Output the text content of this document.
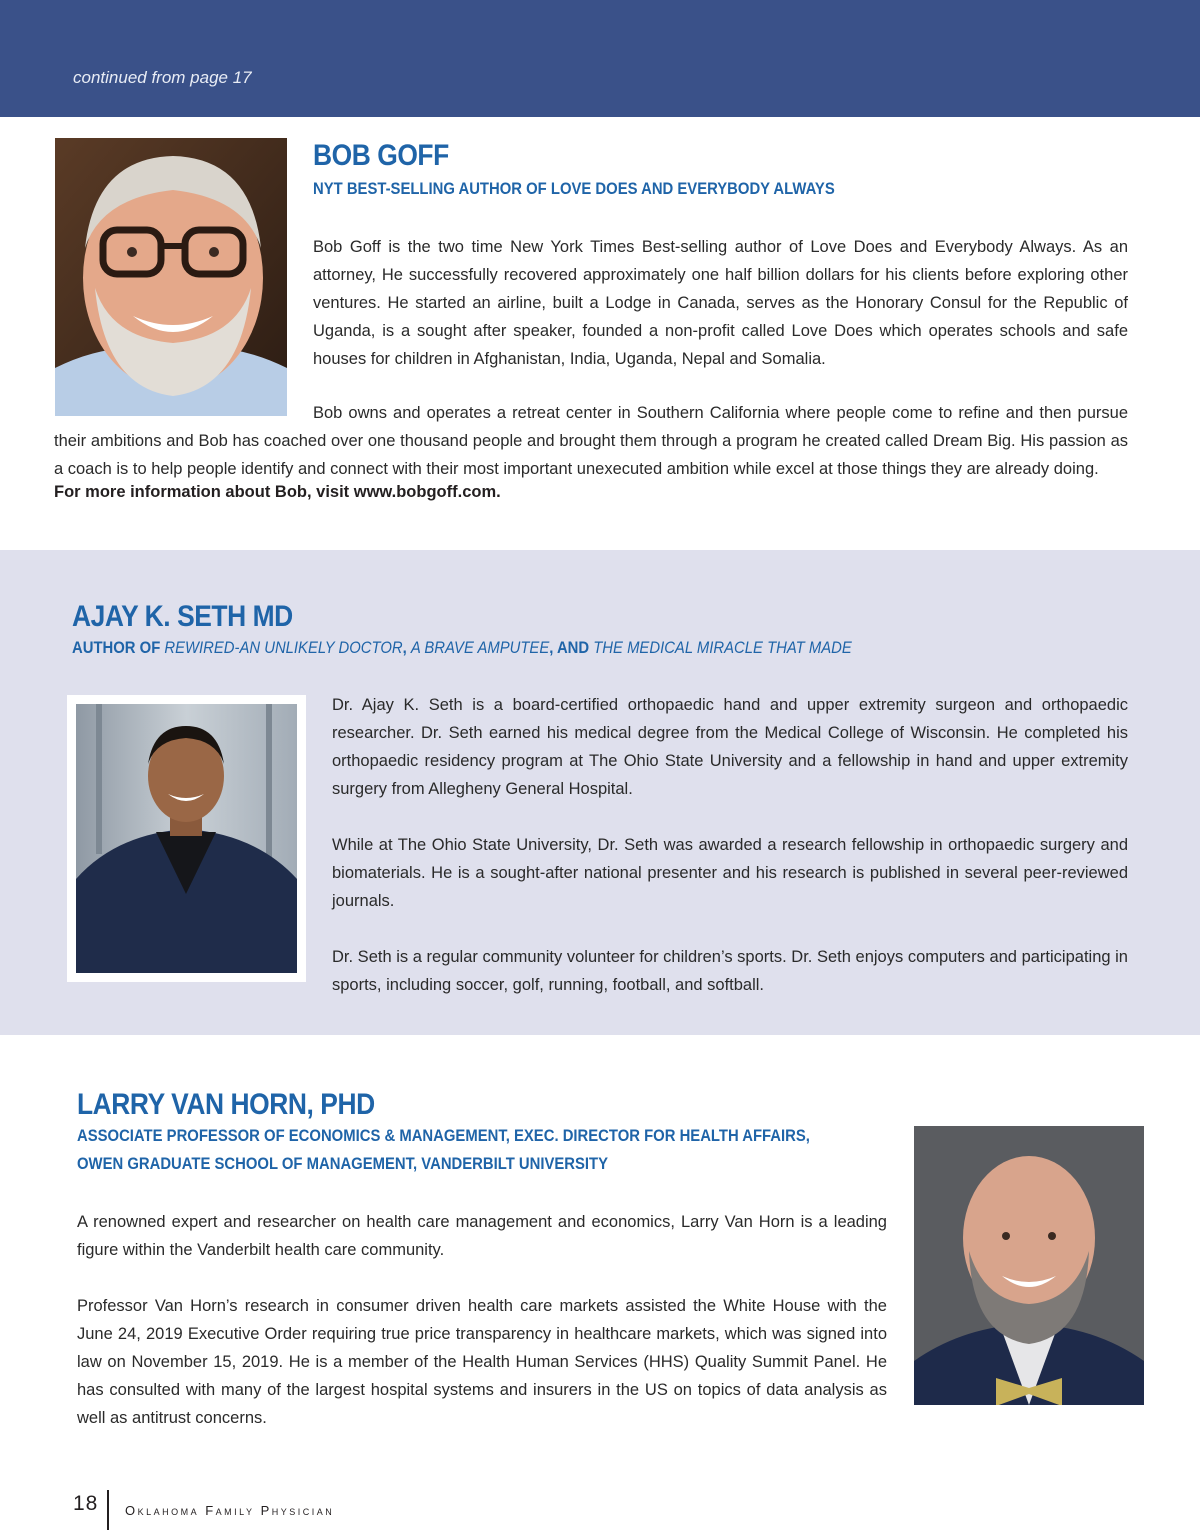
continued from page 17
BOB GOFF
NYT BEST-SELLING AUTHOR OF LOVE DOES AND EVERYBODY ALWAYS

Bob Goff is the two time New York Times Best-selling author of Love Does and Everybody Always. As an attorney, He successfully recovered approximately one half billion dollars for his clients before exploring other ventures. He started an airline, built a Lodge in Canada, serves as the Honorary Consul for the Republic of Uganda, is a sought after speaker, founded a non-profit called Love Does which operates schools and safe houses for children in Afghanistan, India, Uganda, Nepal and Somalia.

Bob owns and operates a retreat center in Southern California where people come to refine and then pursue their ambitions and Bob has coached over one thousand people and brought them through a program he created called Dream Big. His passion as a coach is to help people identify and connect with their most important unexecuted ambition while excel at those things they are already doing.
For more information about Bob, visit www.bobgoff.com.
AJAY K. SETH MD
AUTHOR OF REWIRED-AN UNLIKELY DOCTOR, A BRAVE AMPUTEE, AND THE MEDICAL MIRACLE THAT MADE

Dr. Ajay K. Seth is a board-certified orthopaedic hand and upper extremity surgeon and orthopaedic researcher. Dr. Seth earned his medical degree from the Medical College of Wisconsin. He completed his orthopaedic residency program at The Ohio State University and a fellowship in hand and upper extremity surgery from Allegheny General Hospital.

While at The Ohio State University, Dr. Seth was awarded a research fellowship in orthopaedic surgery and biomaterials. He is a sought-after national presenter and his research is published in several peer-reviewed journals.

Dr. Seth is a regular community volunteer for children’s sports. Dr. Seth enjoys computers and participating in sports, including soccer, golf, running, football, and softball.

LARRY VAN HORN, PHD
ASSOCIATE PROFESSOR OF ECONOMICS & MANAGEMENT, EXEC. DIRECTOR FOR HEALTH AFFAIRS,
OWEN GRADUATE SCHOOL OF MANAGEMENT, VANDERBILT UNIVERSITY

A renowned expert and researcher on health care management and economics, Larry Van Horn is a leading figure within the Vanderbilt health care community.

Professor Van Horn’s research in consumer driven health care markets assisted the White House with the June 24, 2019 Executive Order requiring true price transparency in healthcare markets, which was signed into law on November 15, 2019. He is a member of the Health Human Services (HHS) Quality Summit Panel. He has consulted with many of the largest hospital systems and insurers in the US on topics of data analysis as well as antitrust concerns.

18 Oklahoma Family Physician
